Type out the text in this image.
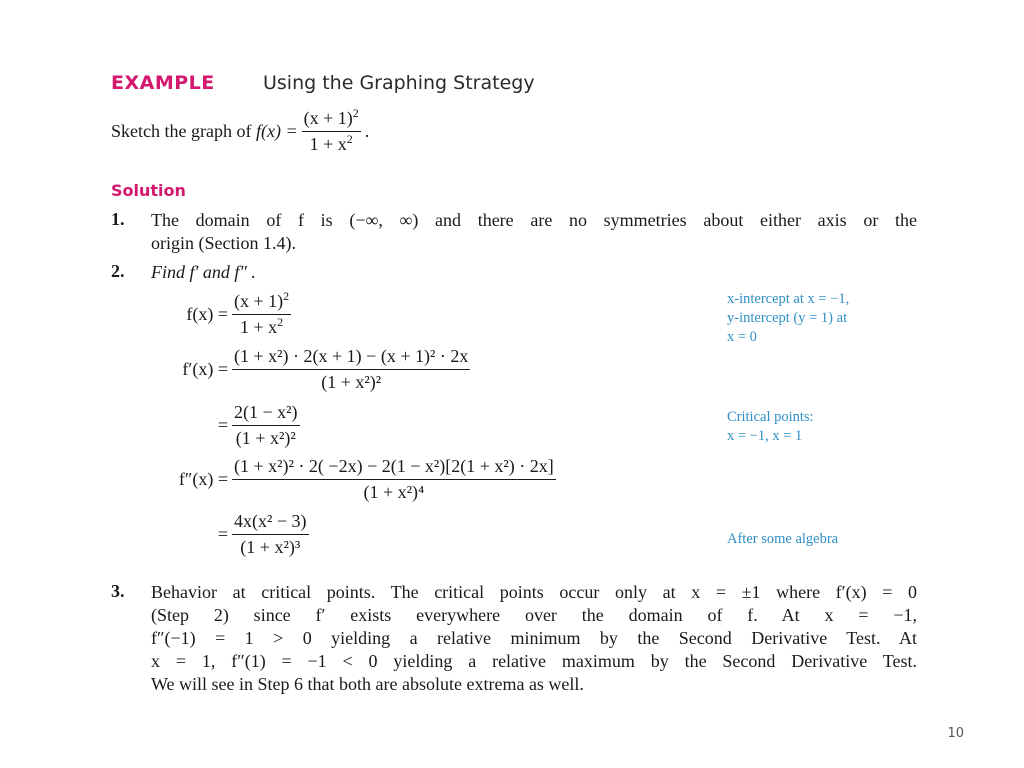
EXAMPLE	Using the Graphing Strategy
Sketch the graph of
$f(x) = \frac{(x + 1)^2}{1 + x^2}$ .
Solution
1. The domain of f is (−∞, ∞) and there are no symmetries about either axis or the
origin (Section 1.4).
2. Find f′ and f″ .
$f(x) = \frac{(x + 1)^2}{1 + x^2}$
$f'(x) = \frac{\text{(1 + x²) · 2(x + 1) − (x + 1)² · 2x}}{\text{(1 + x²)²}}$
= $\frac{\text{2(1 − x²)}}{\text{(1 + x²)²}}$
$f''(x) = \frac{\text{(1 + x²)² · 2( −2x) − 2(1 − x²)[2(1 + x²) · 2x]}}{\text{(1 + x²)⁴}}$
= $\frac{\text{4x(x² − 3)}}{\text{(1 + x²)³}}$
x-intercept at x = −1,
y-intercept (y = 1) at
x = 0
Critical points:
x = −1, x = 1
After some algebra
3. Behavior at critical points. The critical points occur only at x = ±1 where f′(x) = 0
(Step 2) since f′ exists everywhere over the domain of f. At x = −1,
f″(−1) = 1 > 0 yielding a relative minimum by the Second Derivative Test. At
x = 1, f″(1) = −1 < 0 yielding a relative maximum by the Second Derivative Test.
We will see in Step 6 that both are absolute extrema as well.
10
